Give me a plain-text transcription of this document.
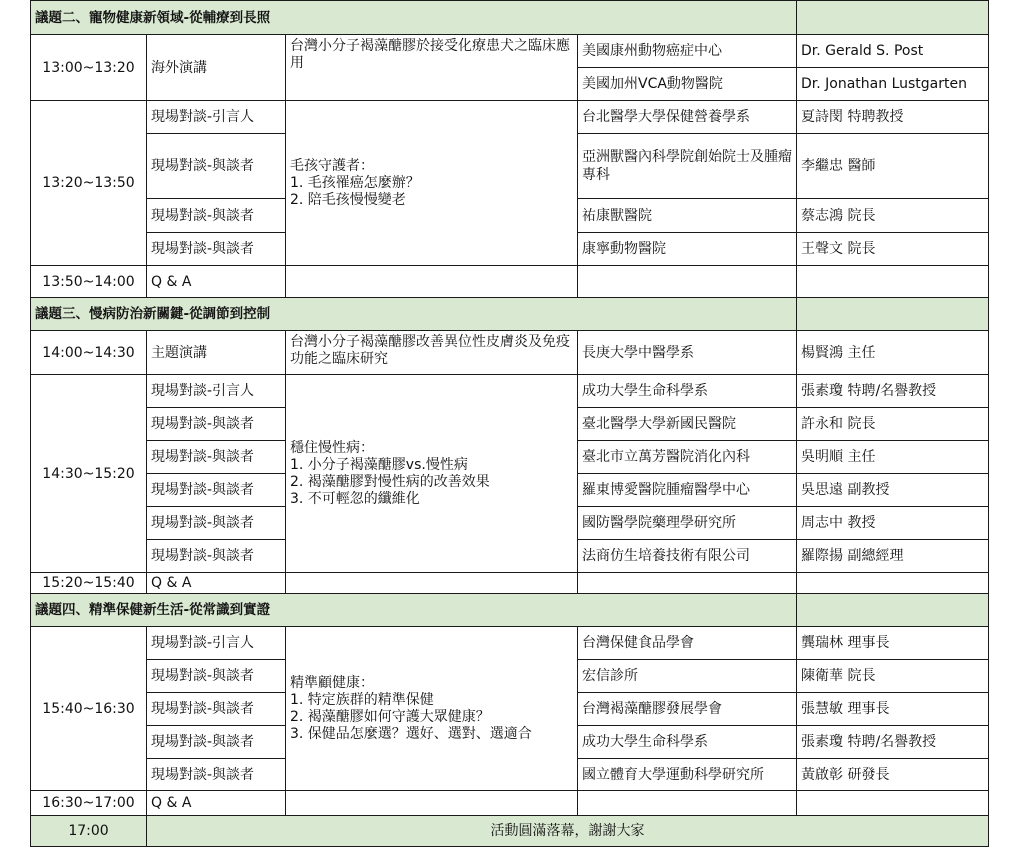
議題二、寵物健康新領域-從輔療到長照				
13:00~13:20	海外演講	台灣小分子褐藻醣膠於接受化療患犬之臨床應用	美國康州動物癌症中心	Dr. Gerald S. Post
			美國加州VCA動物醫院	Dr. Jonathan Lustgarten
13:20~13:50	現場對談-引言人	毛孩守護者：
1. 毛孩罹癌怎麼辦？
2. 陪毛孩慢慢變老	台北醫學大學保健營養學系	夏詩閔 特聘教授
	現場對談-與談者		亞洲獸醫內科學院創始院士及腫瘤專科	李繼忠 醫師
	現場對談-與談者		祐康獸醫院	蔡志鴻 院長
	現場對談-與談者		康寧動物醫院	王聲文 院長
13:50~14:00	Q & A			
議題三、慢病防治新關鍵-從調節到控制				
14:00~14:30	主題演講	台灣小分子褐藻醣膠改善異位性皮膚炎及免疫功能之臨床研究	長庚大學中醫學系	楊賢鴻 主任
14:30~15:20	現場對談-引言人	穩住慢性病：
1. 小分子褐藻醣膠vs.慢性病
2. 褐藻醣膠對慢性病的改善效果
3. 不可輕忽的纖維化	成功大學生命科學系	張素瓊 特聘/名譽教授
	現場對談-與談者		臺北醫學大學新國民醫院	許永和 院長
	現場對談-與談者		臺北市立萬芳醫院消化內科	吳明順 主任
	現場對談-與談者		羅東博愛醫院腫瘤醫學中心	吳思遠 副教授
	現場對談-與談者		國防醫學院藥理學研究所	周志中 教授
	現場對談-與談者		法商仿生培養技術有限公司	羅際揚 副總經理
15:20~15:40	Q & A			
議題四、精準保健新生活-從常識到實證				
15:40~16:30	現場對談-引言人	精準顧健康：
1. 特定族群的精準保健
2. 褐藻醣膠如何守護大眾健康？
3. 保健品怎麼選？選好、選對、選適合	台灣保健食品學會	龔瑞林 理事長
	現場對談-與談者		宏信診所	陳衛華 院長
	現場對談-與談者		台灣褐藻醣膠發展學會	張慧敏 理事長
	現場對談-與談者		成功大學生命科學系	張素瓊 特聘/名譽教授
	現場對談-與談者		國立體育大學運動科學研究所	黃啟彰 研發長
16:30~17:00	Q & A			
17:00	活動圓滿落幕，謝謝大家			
